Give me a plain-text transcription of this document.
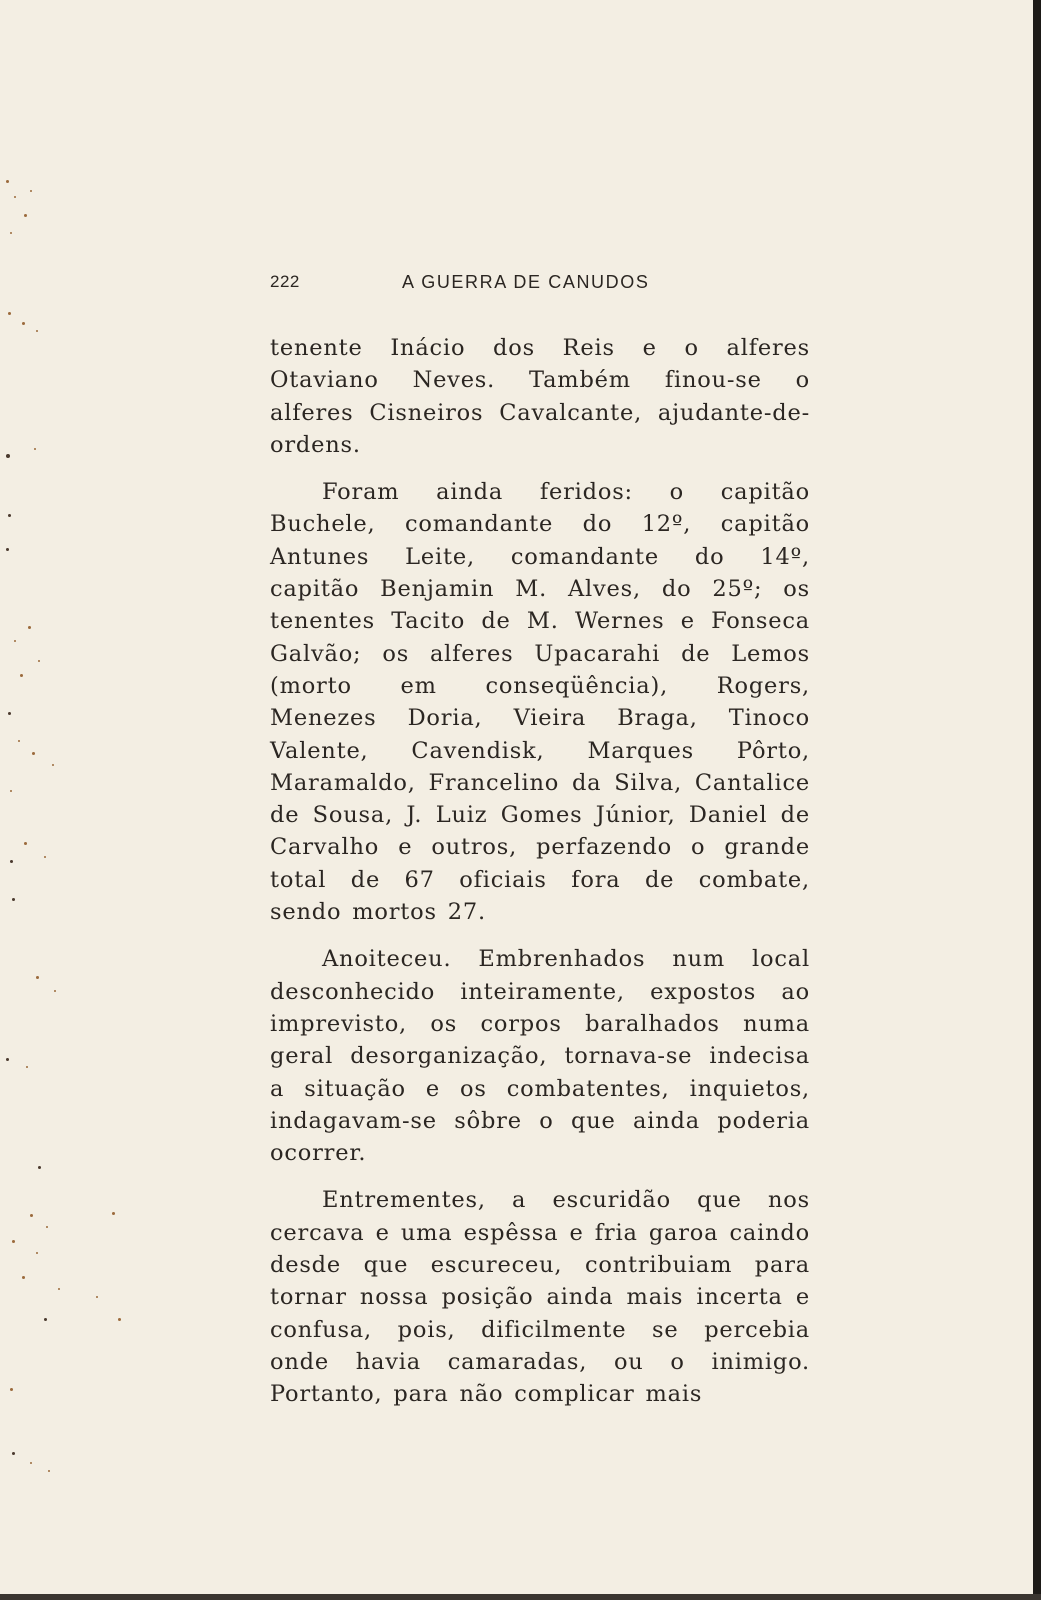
222	A GUERRA DE CANUDOS

tenente Inácio dos Reis e o alferes Otaviano Neves. Também finou-se o alferes Cisneiros Cavalcante, ajudante-de-ordens.

Foram ainda feridos: o capitão Buchele, comandante do 12º, capitão Antunes Leite, comandante do 14º, capitão Benjamin M. Alves, do 25º; os tenentes Tacito de M. Wernes e Fonseca Galvão; os alferes Upacarahi de Lemos (morto em conseqüência), Rogers, Menezes Doria, Vieira Braga, Tinoco Valente, Cavendisk, Marques Pôrto, Maramaldo, Francelino da Silva, Cantalice de Sousa, J. Luiz Gomes Júnior, Daniel de Carvalho e outros, perfazendo o grande total de 67 oficiais fora de combate, sendo mortos 27.

Anoiteceu. Embrenhados num local desconhecido inteiramente, expostos ao imprevisto, os corpos baralhados numa geral desorganização, tornava-se indecisa a situação e os combatentes, inquietos, indagavam-se sôbre o que ainda poderia ocorrer.

Entrementes, a escuridão que nos cercava e uma espêssa e fria garoa caindo desde que escureceu, contribuiam para tornar nossa posição ainda mais incerta e confusa, pois, dificilmente se percebia onde havia camaradas, ou o inimigo. Portanto, para não complicar mais
